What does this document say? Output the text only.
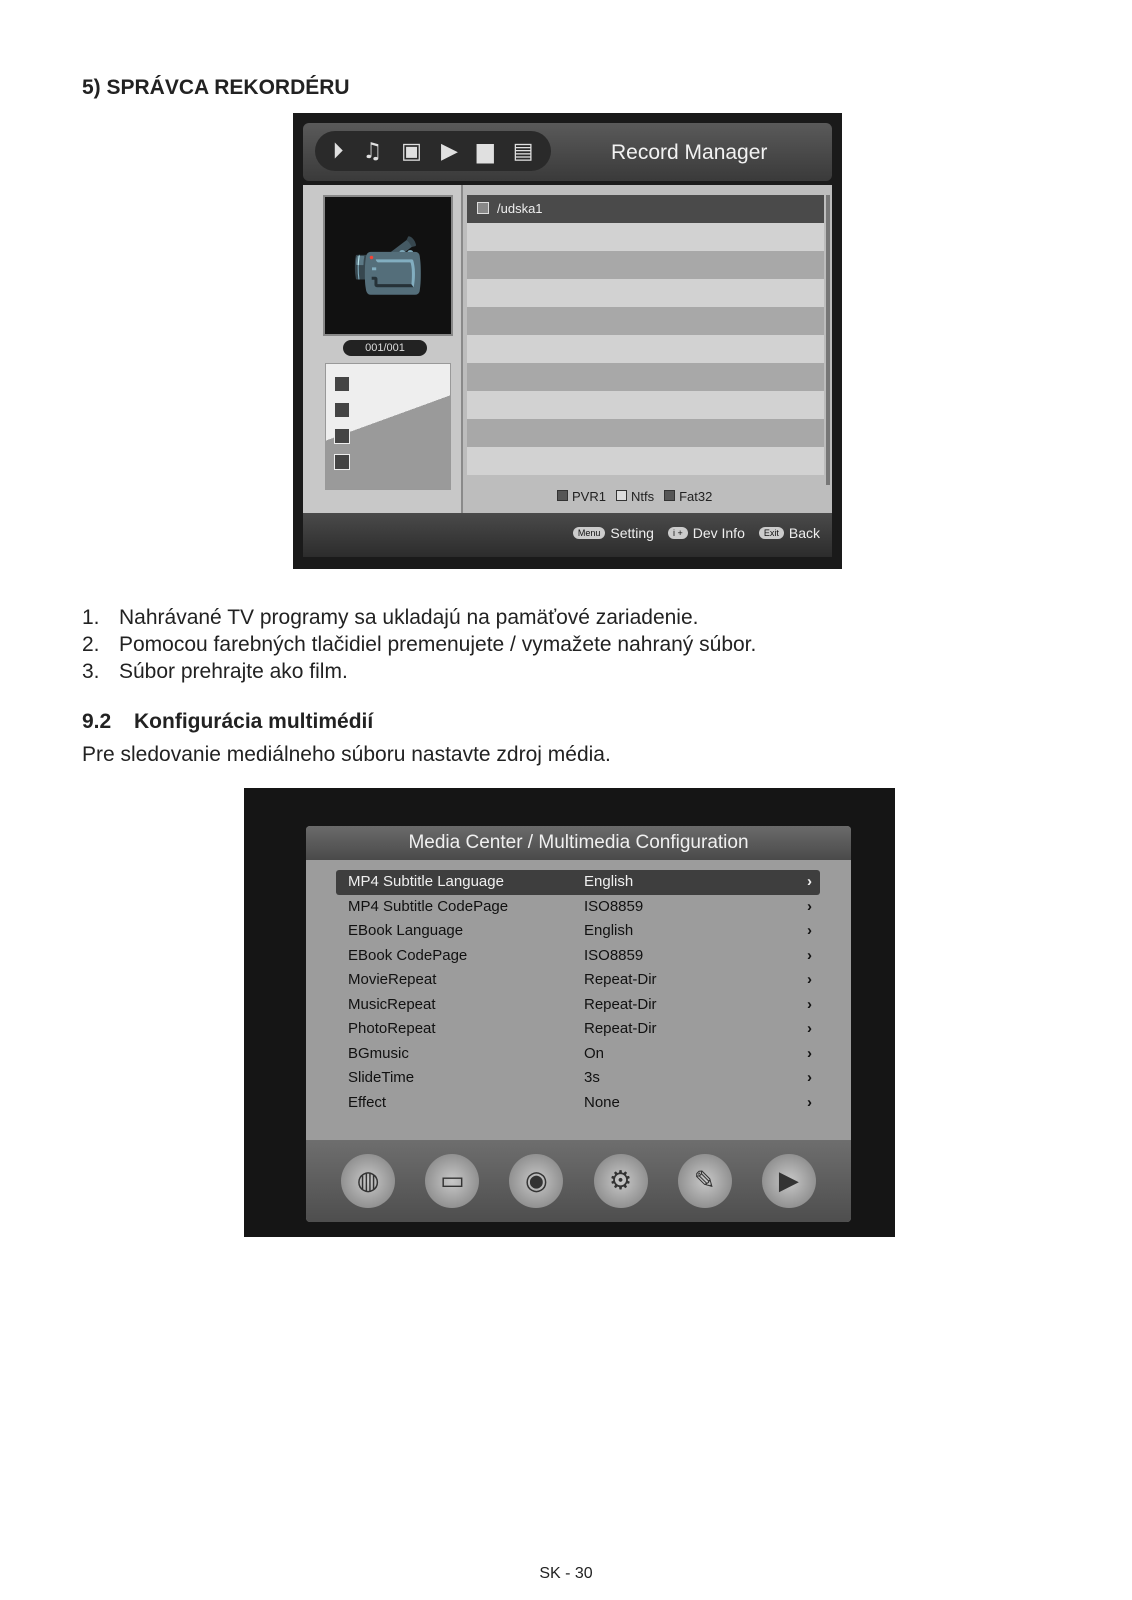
5) SPRÁVCA REKORDÉRU
⏵ ♫ ▣ ▶ ▆ ▤	Record Manager
📹
001/001
/udska1
PVR1	Ntfs	Fat32
Menu Setting	i + Dev Info	Exit Back
1. Nahrávané TV programy sa ukladajú na pamäťové zariadenie.
2. Pomocou farebných tlačidiel premenujete / vymažete nahraný súbor.
3. Súbor prehrajte ako film.
9.2 Konfigurácia multimédií
Pre sledovanie mediálneho súboru nastavte zdroj média.
Media Center / Multimedia Configuration
MP4 Subtitle Language	English	›
MP4 Subtitle CodePage	ISO8859	›
EBook Language	English	›
EBook CodePage	ISO8859	›
MovieRepeat	Repeat-Dir	›
MusicRepeat	Repeat-Dir	›
PhotoRepeat	Repeat-Dir	›
BGmusic	On	›
SlideTime	3s	›
Effect	None	›
◍	▭	◉	⚙	✎	▶
SK - 30
